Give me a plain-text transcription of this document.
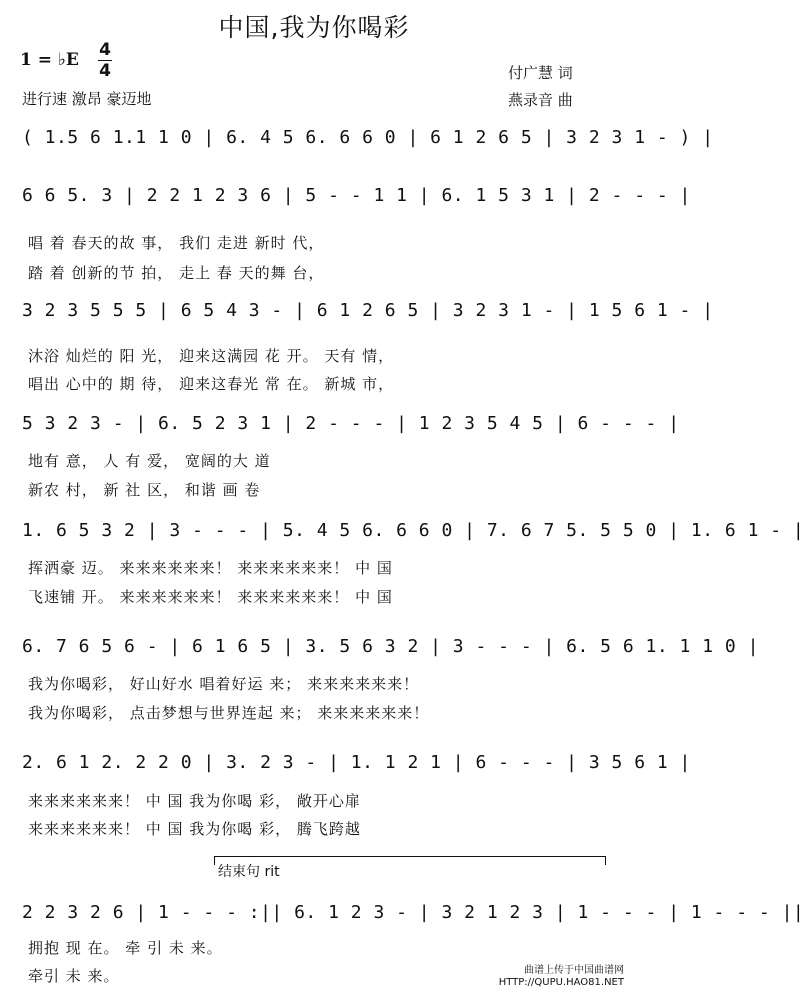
中国,我为你喝彩
1 = ♭E 4
4
进行速 激昂 豪迈地
付广慧 词
燕录音 曲
( 1.5 6 1.1 1 0 | 6. 4 5 6. 6 6 0 | 6 1 2 6 5 | 3 2 3 1 - ) |
6 6 5. 3 | 2 2 1 2 3 6 | 5 - - 1 1 | 6. 1 5 3 1 | 2 - - - |
唱 着 春天的故 事， 我们 走进 新时 代，
踏 着 创新的节 拍， 走上 春 天的舞 台，
3 2 3 5 5 5 | 6 5 4 3 - | 6 1 2 6 5 | 3 2 3 1 - | 1 5 6 1 - |
沐浴 灿烂的 阳 光， 迎来这满园 花 开。 天有 情，
唱出 心中的 期 待， 迎来这春光 常 在。 新城 市，
5 3 2 3 - | 6. 5 2 3 1 | 2 - - - | 1 2 3 5 4 5 | 6 - - - |
地有 意， 人 有 爱， 宽阔的大 道
新农 村， 新 社 区， 和谐 画 卷
1. 6 5 3 2 | 3 - - - | 5. 4 5 6. 6 6 0 | 7. 6 7 5. 5 5 0 | 1. 6 1 - |
挥洒豪 迈。 来来来来来来！ 来来来来来来！ 中 国
飞速铺 开。 来来来来来来！ 来来来来来来！ 中 国
6. 7 6 5 6 - | 6 1 6 5 | 3. 5 6 3 2 | 3 - - - | 6. 5 6 1. 1 1 0 |
我为你喝彩， 好山好水 唱着好运 来； 来来来来来来！
我为你喝彩， 点击梦想与世界连起 来； 来来来来来来！
2. 6 1 2. 2 2 0 | 3. 2 3 - | 1. 1 2 1 | 6 - - - | 3 5 6 1 |
来来来来来来！ 中 国 我为你喝 彩， 敞开心扉
来来来来来来！ 中 国 我为你喝 彩， 腾飞跨越
结束句 rit
2 2 3 2 6 | 1 - - - :|| 6. 1 2 3 - | 3 2 1 2 3 | 1 - - - | 1 - - - ||
拥抱 现 在。 牵 引 未 来。
牵引 未 来。	曲谱上传于中国曲谱网
HTTP://QUPU.HAO81.NET
